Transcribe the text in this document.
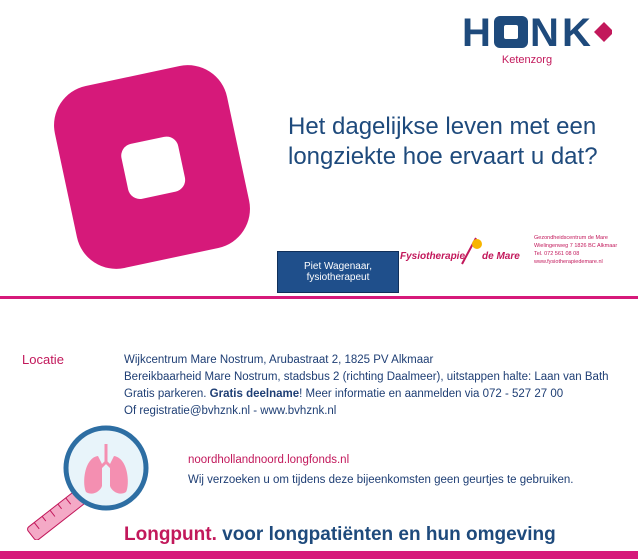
H N K
Ketenzorg
Het dagelijkse leven met een
longziekte hoe ervaart u dat?
Piet Wagenaar,
fysiotherapeut
Fysiotherapie de Mare
Gezondheidscentrum de Mare
Wielingenweg 7 1826 BC Alkmaar
Tel. 072 561 08 08
www.fysiotherapiedemare.nl
Locatie	Wijkcentrum Mare Nostrum, Arubastraat 2, 1825 PV Alkmaar
Bereikbaarheid Mare Nostrum, stadsbus 2 (richting Daalmeer), uitstappen halte: Laan van Bath
Gratis parkeren. Gratis deelname! Meer informatie en aanmelden via 072 - 527 27 00
Of registratie@bvhznk.nl - www.bvhznk.nl
noordhollandnoord.longfonds.nl
Wij verzoeken u om tijdens deze bijeenkomsten geen geurtjes te gebruiken.
Longpunt. voor longpatiënten en hun omgeving
